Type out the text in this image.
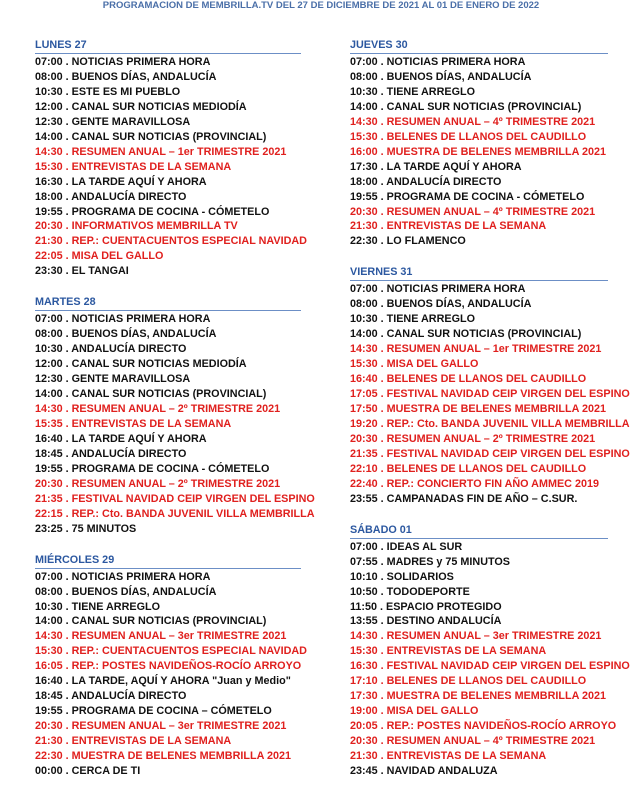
PROGRAMACION DE MEMBRILLA.TV DEL 27 DE DICIEMBRE DE 2021 AL 01 DE ENERO DE 2022
LUNES 27
07:00 . NOTICIAS PRIMERA HORA
08:00 . BUENOS DÍAS, ANDALUCÍA
10:30 . ESTE ES MI PUEBLO
12:00 . CANAL SUR NOTICIAS MEDIODÍA
12:30 . GENTE MARAVILLOSA
14:00 . CANAL SUR NOTICIAS (PROVINCIAL)
14:30 . RESUMEN ANUAL – 1er TRIMESTRE 2021
15:30 . ENTREVISTAS DE LA SEMANA
16:30 . LA TARDE AQUÍ Y AHORA
18:00 . ANDALUCÍA DIRECTO
19:55 . PROGRAMA DE COCINA - CÓMETELO
20:30 . INFORMATIVOS MEMBRILLA TV
21:30 . REP.: CUENTACUENTOS ESPECIAL NAVIDAD
22:05 . MISA DEL GALLO
23:30 . EL TANGAI
MARTES 28
07:00 . NOTICIAS PRIMERA HORA
08:00 . BUENOS DÍAS, ANDALUCÍA
10:30 . ANDALUCÍA DIRECTO
12:00 . CANAL SUR NOTICIAS MEDIODÍA
12:30 . GENTE MARAVILLOSA
14:00 . CANAL SUR NOTICIAS (PROVINCIAL)
14:30 . RESUMEN ANUAL – 2º TRIMESTRE 2021
15:35 . ENTREVISTAS DE LA SEMANA
16:40 . LA TARDE AQUÍ Y AHORA
18:45 . ANDALUCÍA DIRECTO
19:55 . PROGRAMA DE COCINA - CÓMETELO
20:30 . RESUMEN ANUAL – 2º TRIMESTRE 2021
21:35 . FESTIVAL NAVIDAD CEIP VIRGEN DEL ESPINO
22:15 . REP.: Cto. BANDA JUVENIL VILLA MEMBRILLA
23:25 . 75 MINUTOS
MIÉRCOLES 29
07:00 . NOTICIAS PRIMERA HORA
08:00 . BUENOS DÍAS, ANDALUCÍA
10:30 . TIENE ARREGLO
14:00 . CANAL SUR NOTICIAS (PROVINCIAL)
14:30 . RESUMEN ANUAL – 3er TRIMESTRE 2021
15:30 . REP.: CUENTACUENTOS ESPECIAL NAVIDAD
16:05 . REP.: POSTES NAVIDEÑOS-ROCÍO ARROYO
16:40 . LA TARDE, AQUÍ Y AHORA "Juan y Medio"
18:45 . ANDALUCÍA DIRECTO
19:55 . PROGRAMA DE COCINA – CÓMETELO
20:30 . RESUMEN ANUAL – 3er TRIMESTRE 2021
21:30 . ENTREVISTAS DE LA SEMANA
22:30 . MUESTRA DE BELENES MEMBRILLA 2021
00:00 . CERCA DE TI
JUEVES 30
07:00 . NOTICIAS PRIMERA HORA
08:00 . BUENOS DÍAS, ANDALUCÍA
10:30 . TIENE ARREGLO
14:00 . CANAL SUR NOTICIAS (PROVINCIAL)
14:30 . RESUMEN ANUAL – 4º TRIMESTRE 2021
15:30 . BELENES DE LLANOS DEL CAUDILLO
16:00 . MUESTRA DE BELENES MEMBRILLA 2021
17:30 . LA TARDE AQUÍ Y AHORA
18:00 . ANDALUCÍA DIRECTO
19:55 . PROGRAMA DE COCINA - CÓMETELO
20:30 . RESUMEN ANUAL – 4º TRIMESTRE 2021
21:30 . ENTREVISTAS DE LA SEMANA
22:30 . LO FLAMENCO
VIERNES 31
07:00 . NOTICIAS PRIMERA HORA
08:00 . BUENOS DÍAS, ANDALUCÍA
10:30 . TIENE ARREGLO
14:00 . CANAL SUR NOTICIAS (PROVINCIAL)
14:30 . RESUMEN ANUAL – 1er TRIMESTRE 2021
15:30 . MISA DEL GALLO
16:40 . BELENES DE LLANOS DEL CAUDILLO
17:05 . FESTIVAL NAVIDAD CEIP VIRGEN DEL ESPINO
17:50 . MUESTRA DE BELENES MEMBRILLA 2021
19:20 . REP.: Cto. BANDA JUVENIL VILLA MEMBRILLA
20:30 . RESUMEN ANUAL – 2º TRIMESTRE 2021
21:35 . FESTIVAL NAVIDAD CEIP VIRGEN DEL ESPINO
22:10 . BELENES DE LLANOS DEL CAUDILLO
22:40 . REP.: CONCIERTO FIN AÑO AMMEC 2019
23:55 . CAMPANADAS FIN DE AÑO – C.SUR.
SÁBADO 01
07:00 . IDEAS AL SUR
07:55 . MADRES y 75 MINUTOS
10:10 . SOLIDARIOS
10:50 . TODODEPORTE
11:50 . ESPACIO PROTEGIDO
13:55 . DESTINO ANDALUCÍA
14:30 . RESUMEN ANUAL – 3er TRIMESTRE 2021
15:30 . ENTREVISTAS DE LA SEMANA
16:30 . FESTIVAL NAVIDAD CEIP VIRGEN DEL ESPINO
17:10 . BELENES DE LLANOS DEL CAUDILLO
17:30 . MUESTRA DE BELENES MEMBRILLA 2021
19:00 . MISA DEL GALLO
20:05 . REP.: POSTES NAVIDEÑOS-ROCÍO ARROYO
20:30 . RESUMEN ANUAL – 4º TRIMESTRE 2021
21:30 . ENTREVISTAS DE LA SEMANA
23:45 . NAVIDAD ANDALUZA
